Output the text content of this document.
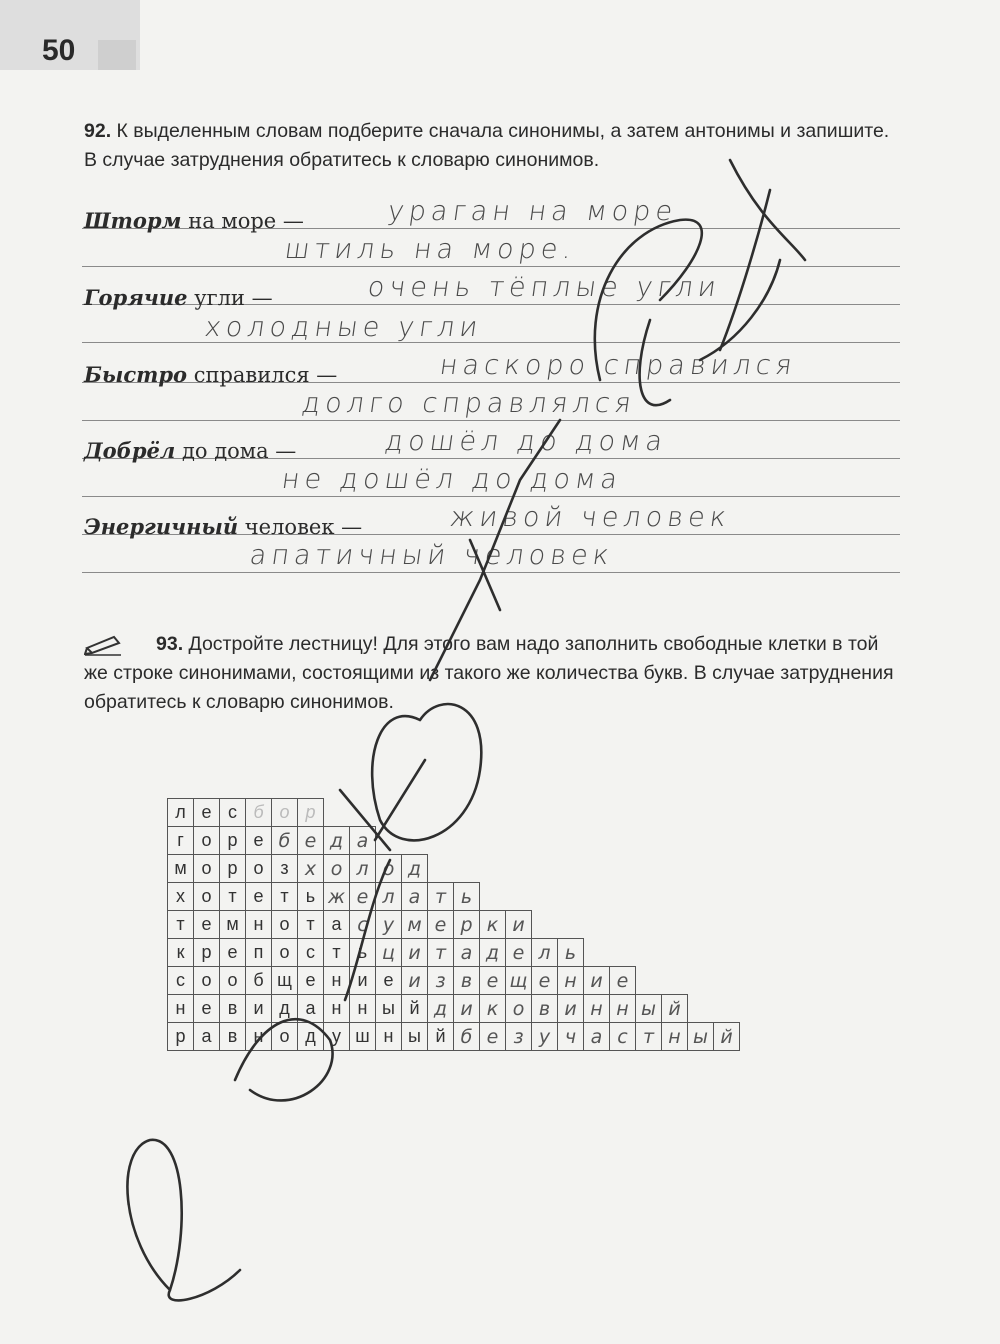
50
92. К выделенным словам подберите сначала синонимы, а затем антонимы и запишите. В случае затруднения обратитесь к словарю синонимов.
Шторм на море —
Горячие угли —
Быстро справился —
Добрёл до дома —
Энергичный человек —
ураган на море
штиль на море.
очень тёплые угли
холодные угли
наскоро справился
долго справлялся
дошёл до дома
не дошёл до дома
живой человек
апатичный человек
93. Достройте лестницу! Для этого вам надо заполнить свободные клетки в той же строке синонимами, состоящими из такого же количества букв. В случае затруднения обратитесь к словарю синонимов.
л	е	с	б	о	р																
г	о	р	е	б	е	д	а														
м	о	р	о	з	х	о	л	о	д												
х	о	т	е	т	ь	ж	е	л	а	т	ь										
т	е	м	н	о	т	а	с	у	м	е	р	к	и								
к	р	е	п	о	с	т	ь	ц	и	т	а	д	е	л	ь						
с	о	о	б	щ	е	н	и	е	и	з	в	е	щ	е	н	и	е				
н	е	в	и	д	а	н	н	ы	й	д	и	к	о	в	и	н	н	ы	й		
р	а	в	н	о	д	у	ш	н	ы	й	б	е	з	у	ч	а	с	т	н	ы	й
